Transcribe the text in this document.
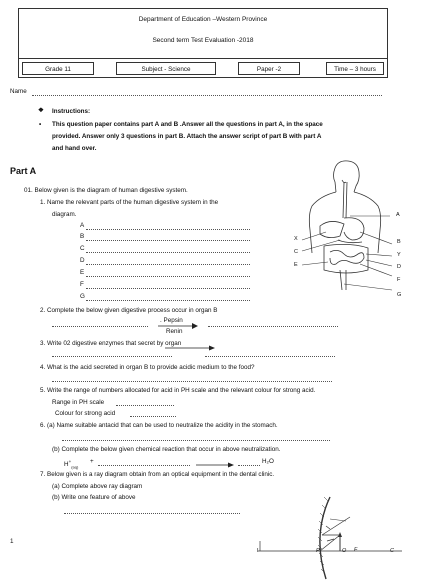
Department of Education –Western Province
Second term Test Evaluation -2018
Grade 11	Subject - Science	Paper -2	Time – 3 hours
Name
❖ Instructions:
• This question paper contains part A and B .Answer all the questions in part A, in the space
provided. Answer only 3 questions in part B. Attach the answer script of part B with part A
and hand over.
Part A
01. Below given is the diagram of human digestive system.
1. Name the relevant parts of the human digestive system in the
diagram.
A
B
C
D
E
F
G
A
B
Y
D
F
G
X
C
E
2. Complete the below given digestive process occur in organ B
. Pepsin
Renin
3. Write 02 digestive enzymes that secret by organ
4. What is the acid secreted in organ B to provide acidic medium to the food?
5. Write the range of numbers allocated for acid in PH scale and the relevant colour for strong acid.
Range in PH scale
Colour for strong acid
6. (a) Name suitable antacid that can be used to neutralize the acidity in the stomach.
(b) Complete the below given chemical reaction that occur in above neutralization.
$H^+_{(aq)}$
+	H₂O
7. Below given is a ray diagram obtain from an optical equipment in the dental clinic.
(a) Complete above ray diagram
(b) Write one feature of above
I	P	O F	C
1
